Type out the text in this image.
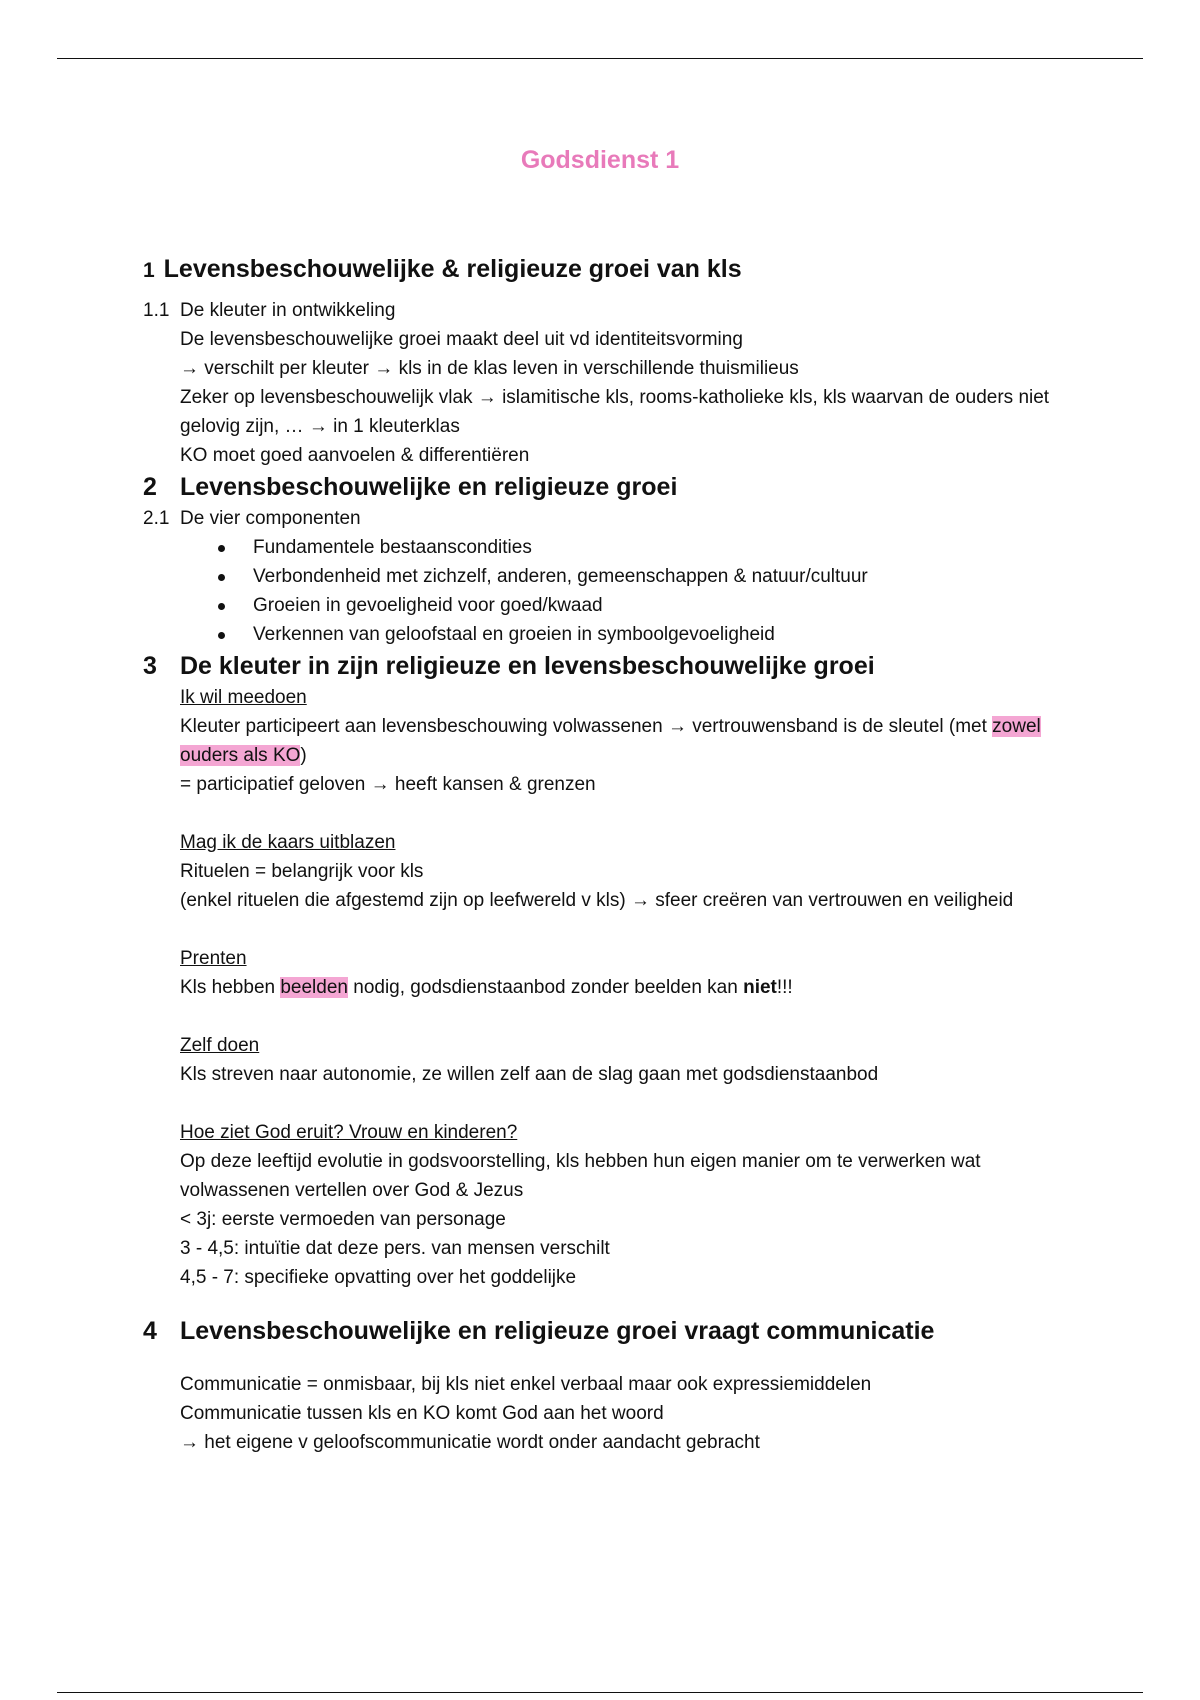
Godsdienst 1
1 Levensbeschouwelijke & religieuze groei van kls
1.1 De kleuter in ontwikkeling
De levensbeschouwelijke groei maakt deel uit vd identiteitsvorming
→ verschilt per kleuter → kls in de klas leven in verschillende thuismilieus
Zeker op levensbeschouwelijk vlak → islamitische kls, rooms-katholieke kls, kls waarvan de ouders niet gelovig zijn, … → in 1 kleuterklas
KO moet goed aanvoelen & differentiëren
2 Levensbeschouwelijke en religieuze groei
2.1 De vier componenten
Fundamentele bestaanscondities
Verbondenheid met zichzelf, anderen, gemeenschappen & natuur/cultuur
Groeien in gevoeligheid voor goed/kwaad
Verkennen van geloofstaal en groeien in symboolgevoeligheid
3 De kleuter in zijn religieuze en levensbeschouwelijke groei
Ik wil meedoen
Kleuter participeert aan levensbeschouwing volwassenen → vertrouwensband is de sleutel (met zowel ouders als KO)
= participatief geloven → heeft kansen & grenzen
Mag ik de kaars uitblazen
Rituelen = belangrijk voor kls
(enkel rituelen die afgestemd zijn op leefwereld v kls) → sfeer creëren van vertrouwen en veiligheid
Prenten
Kls hebben beelden nodig, godsdienstaanbod zonder beelden kan niet!!!
Zelf doen
Kls streven naar autonomie, ze willen zelf aan de slag gaan met godsdienstaanbod
Hoe ziet God eruit? Vrouw en kinderen?
Op deze leeftijd evolutie in godsvoorstelling, kls hebben hun eigen manier om te verwerken wat volwassenen vertellen over God & Jezus
< 3j: eerste vermoeden van personage
3 - 4,5: intuïtie dat deze pers. van mensen verschilt
4,5 - 7: specifieke opvatting over het goddelijke
4 Levensbeschouwelijke en religieuze groei vraagt communicatie
Communicatie = onmisbaar, bij kls niet enkel verbaal maar ook expressiemiddelen
Communicatie tussen kls en KO komt God aan het woord
→ het eigene v geloofscommunicatie wordt onder aandacht gebracht
